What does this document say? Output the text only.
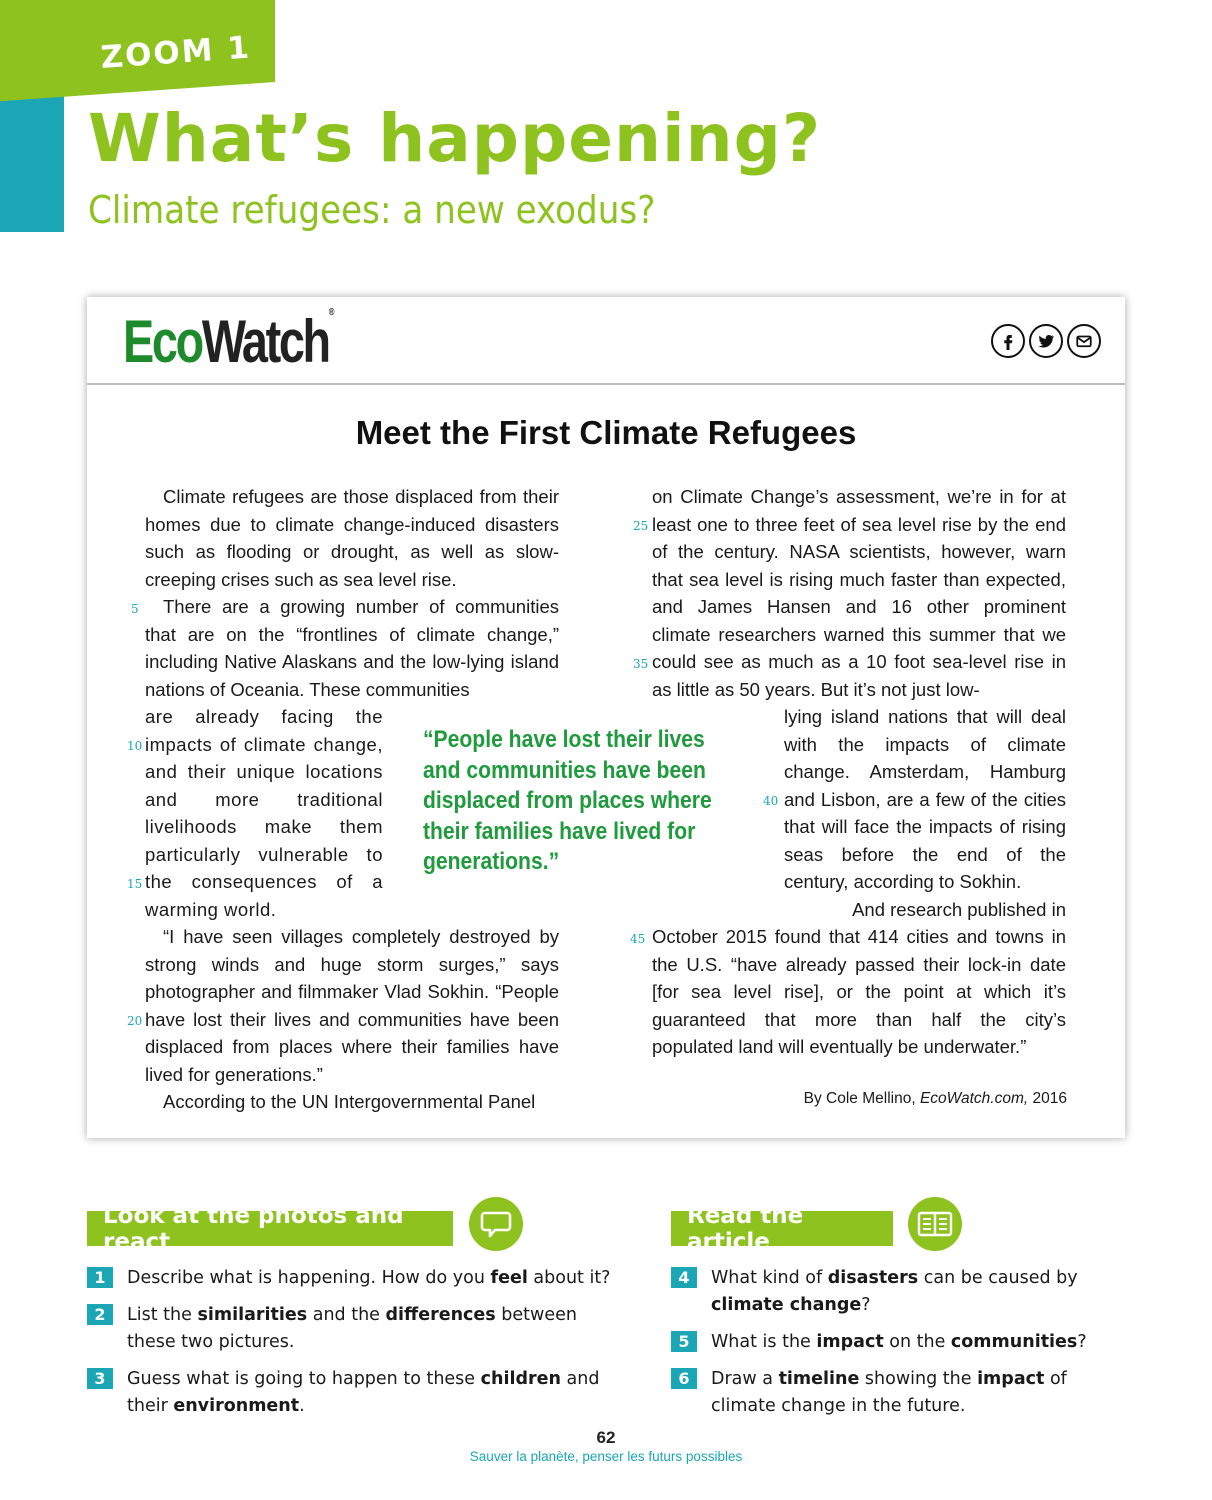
ZOOM 1
What’s happening?
Climate refugees: a new exodus?
EcoWatch®
Meet the First Climate Refugees

Climate refugees are those displaced from their homes due to climate change-induced disasters such as flooding or drought, as well as slow-creeping crises such as sea level rise.

There are a growing number of communities that are on the “frontlines of climate change,” including Native Alaskans and the low-lying island nations of Oceania. These communities

are already facing the impacts of climate change, and their unique locations and more traditional livelihoods make them particularly vulnerable to the consequences of a warming world.

“I have seen villages completely destroyed by strong winds and huge storm surges,” says photographer and filmmaker Vlad Sokhin. “People have lost their lives and communities have been displaced from places where their families have lived for generations.”

According to the UN Intergovernmental Panel

on Climate Change’s assessment, we’re in for at least one to three feet of sea level rise by the end of the century. NASA scientists, however, warn that sea level is rising much faster than expected, and James Hansen and 16 other prominent climate researchers warned this summer that we could see as much as a 10 foot sea-level rise in as little as 50 years. But it’s not just low-

lying island nations that will deal with the impacts of climate change. Amsterdam, Hamburg and Lisbon, are a few of the cities that will face the impacts of rising seas before the end of the century, according to Sokhin.

And research published in

October 2015 found that 414 cities and towns in the U.S. “have already passed their lock-in date [for sea level rise], or the point at which it’s guaranteed that more than half the city’s populated land will eventually be underwater.”

5
10
15
20
25
35
40
45
“People have lost their lives and communities have been displaced from places where their families have lived for generations.”
By Cole Mellino, EcoWatch.com, 2016
Look at the photos and react
1	Describe what is happening. How do you feel about it?
2	List the similarities and the differences between these two pictures.
3	Guess what is going to happen to these children and their environment.
Read the article
4	What kind of disasters can be caused by climate change?
5	What is the impact on the communities?
6	Draw a timeline showing the impact of climate change in the future.
62
Sauver la planète, penser les futurs possibles
